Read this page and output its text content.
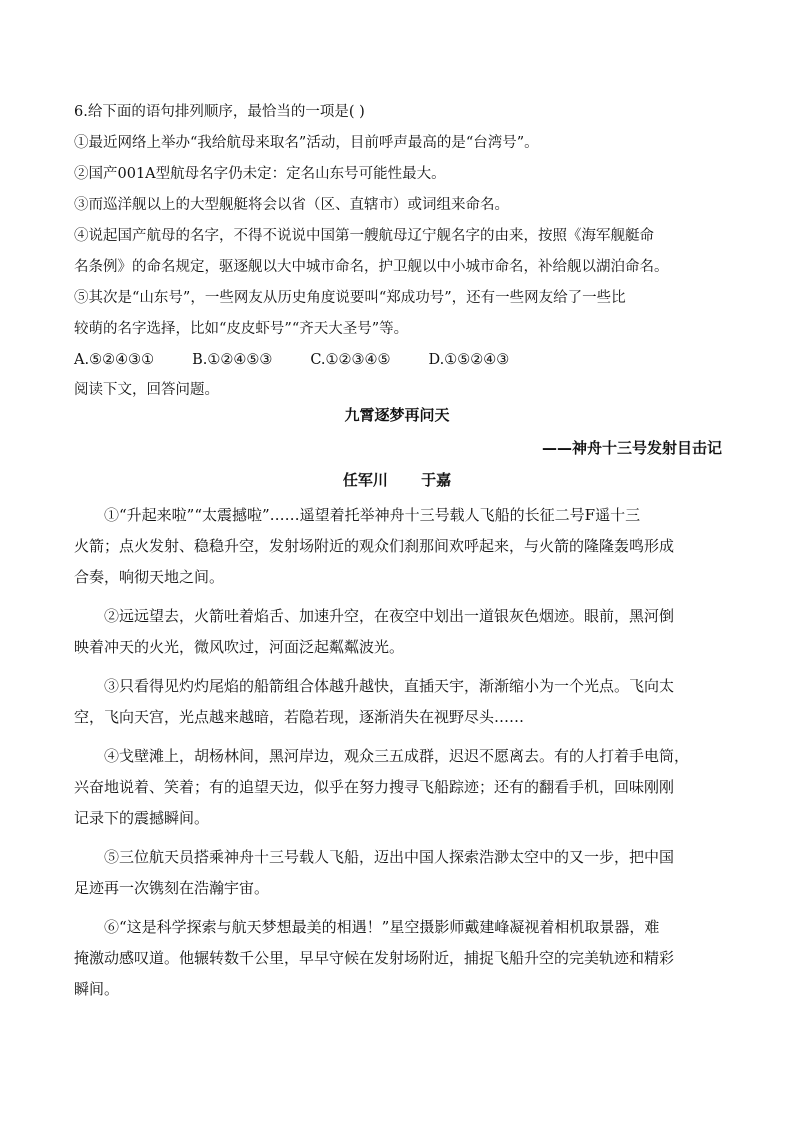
6.给下面的语句排列顺序，最恰当的一项是( )

①最近网络上举办“我给航母来取名”活动，目前呼声最高的是“台湾号”。

②国产001A型航母名字仍未定：定名山东号可能性最大。

③而巡洋舰以上的大型舰艇将会以省（区、直辖市）或词组来命名。

④说起国产航母的名字，不得不说说中国第一艘航母辽宁舰名字的由来，按照《海军舰艇命

名条例》的命名规定，驱逐舰以大中城市命名，护卫舰以中小城市命名，补给舰以湖泊命名。

⑤其次是“山东号”，一些网友从历史角度说要叫“郑成功号”，还有一些网友给了一些比

较萌的名字选择，比如“皮皮虾号”“齐天大圣号”等。

A.⑤②④③①	B.①②④⑤③	C.①②③④⑤	D.①⑤②④③

阅读下文，回答问题。

九霄逐梦再问天

——神舟十三号发射目击记

任军川 于嘉

①“升起来啦”“太震撼啦”……遥望着托举神舟十三号载人飞船的长征二号F遥十三
火箭；点火发射、稳稳升空，发射场附近的观众们刹那间欢呼起来，与火箭的隆隆轰鸣形成
合奏，响彻天地之间。

②远远望去，火箭吐着焰舌、加速升空，在夜空中划出一道银灰色烟迹。眼前，黑河倒
映着冲天的火光，微风吹过，河面泛起粼粼波光。

③只看得见灼灼尾焰的船箭组合体越升越快，直插天宇，渐渐缩小为一个光点。飞向太
空，飞向天宫，光点越来越暗，若隐若现，逐渐消失在视野尽头……

④戈壁滩上，胡杨林间，黑河岸边，观众三五成群，迟迟不愿离去。有的人打着手电筒，
兴奋地说着、笑着；有的追望天边，似乎在努力搜寻飞船踪迹；还有的翻看手机，回味刚刚
记录下的震撼瞬间。

⑤三位航天员搭乘神舟十三号载人飞船，迈出中国人探索浩渺太空中的又一步，把中国
足迹再一次镌刻在浩瀚宇宙。

⑥“这是科学探索与航天梦想最美的相遇！”星空摄影师戴建峰凝视着相机取景器，难
掩激动感叹道。他辗转数千公里，早早守候在发射场附近，捕捉飞船升空的完美轨迹和精彩
瞬间。
